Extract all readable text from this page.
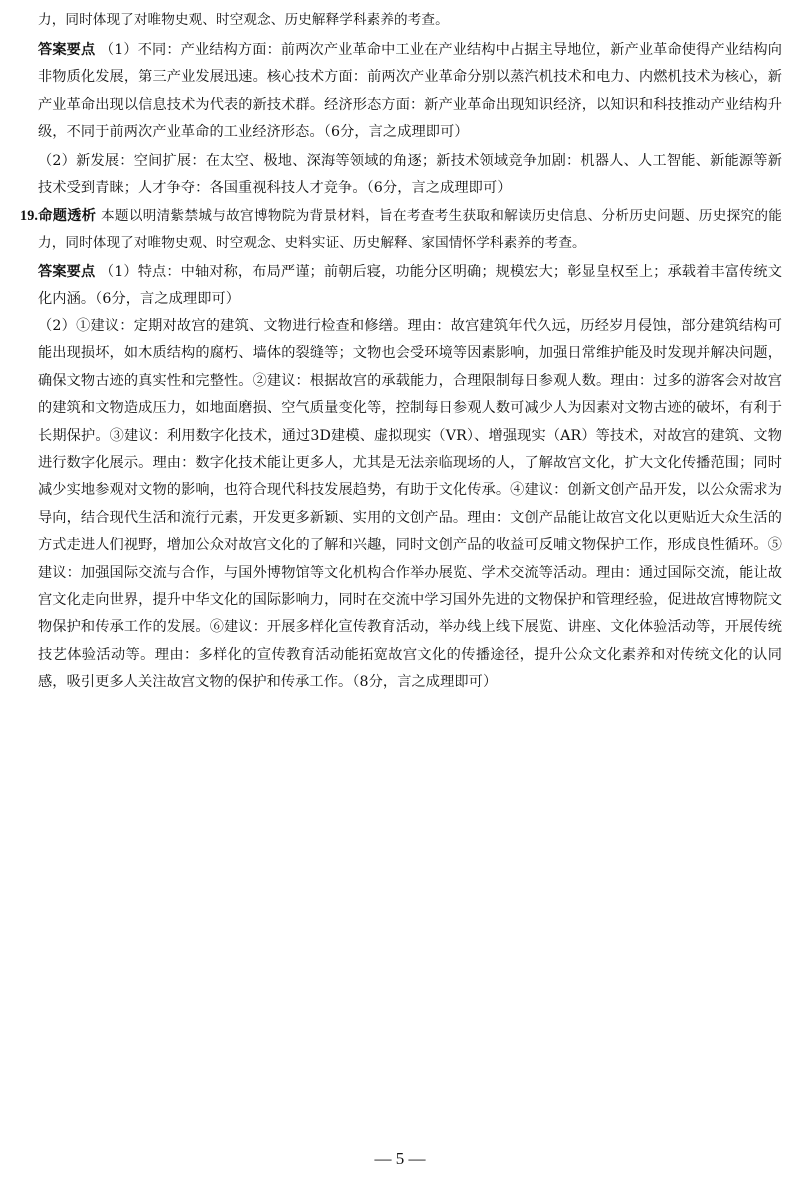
力，同时体现了对唯物史观、时空观念、历史解释学科素养的考查。
答案要点 （1）不同：产业结构方面：前两次产业革命中工业在产业结构中占据主导地位，新产业革命使得产业结构向非物质化发展，第三产业发展迅速。核心技术方面：前两次产业革命分别以蒸汽机技术和电力、内燃机技术为核心，新产业革命出现以信息技术为代表的新技术群。经济形态方面：新产业革命出现知识经济，以知识和科技推动产业结构升级，不同于前两次产业革命的工业经济形态。（6分，言之成理即可）
（2）新发展：空间扩展：在太空、极地、深海等领域的角逐；新技术领域竞争加剧：机器人、人工智能、新能源等新技术受到青睐；人才争夺：各国重视科技人才竞争。（6分，言之成理即可）
19.命题透析 本题以明清紫禁城与故宫博物院为背景材料，旨在考查考生获取和解读历史信息、分析历史问题、历史探究的能力，同时体现了对唯物史观、时空观念、史料实证、历史解释、家国情怀学科素养的考查。
答案要点 （1）特点：中轴对称，布局严谨；前朝后寝，功能分区明确；规模宏大；彰显皇权至上；承载着丰富传统文化内涵。（6分，言之成理即可）
（2）①建议：定期对故宫的建筑、文物进行检查和修缮。理由：故宫建筑年代久远，历经岁月侵蚀，部分建筑结构可能出现损坏，如木质结构的腐朽、墙体的裂缝等；文物也会受环境等因素影响，加强日常维护能及时发现并解决问题，确保文物古迹的真实性和完整性。②建议：根据故宫的承载能力，合理限制每日参观人数。理由：过多的游客会对故宫的建筑和文物造成压力，如地面磨损、空气质量变化等，控制每日参观人数可减少人为因素对文物古迹的破坏，有利于长期保护。③建议：利用数字化技术，通过3D建模、虚拟现实（VR）、增强现实（AR）等技术，对故宫的建筑、文物进行数字化展示。理由：数字化技术能让更多人，尤其是无法亲临现场的人，了解故宫文化，扩大文化传播范围；同时减少实地参观对文物的影响，也符合现代科技发展趋势，有助于文化传承。④建议：创新文创产品开发，以公众需求为导向，结合现代生活和流行元素，开发更多新颖、实用的文创产品。理由：文创产品能让故宫文化以更贴近大众生活的方式走进人们视野，增加公众对故宫文化的了解和兴趣，同时文创产品的收益可反哺文物保护工作，形成良性循环。⑤建议：加强国际交流与合作，与国外博物馆等文化机构合作举办展览、学术交流等活动。理由：通过国际交流，能让故宫文化走向世界，提升中华文化的国际影响力，同时在交流中学习国外先进的文物保护和管理经验，促进故宫博物院文物保护和传承工作的发展。⑥建议：开展多样化宣传教育活动，举办线上线下展览、讲座、文化体验活动等，开展传统技艺体验活动等。理由：多样化的宣传教育活动能拓宽故宫文化的传播途径，提升公众文化素养和对传统文化的认同感，吸引更多人关注故宫文物的保护和传承工作。（8分，言之成理即可）
— 5 —
